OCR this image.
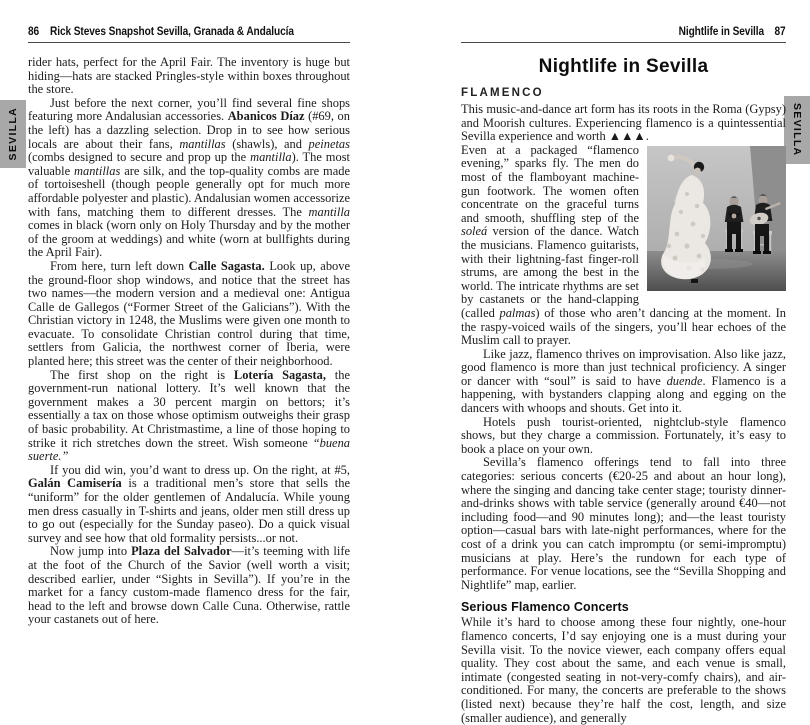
SEVILLA	SEVILLA
86 Rick Steves Snapshot Sevilla, Granada & Andalucía

rider hats, perfect for the April Fair. The inventory is huge but hiding—hats are stacked Pringles-style within boxes throughout the store.

Just before the next corner, you’ll find several fine shops featuring more Andalusian accessories. Abanicos Díaz (#69, on the left) has a dazzling selection. Drop in to see how serious locals are about their fans, mantillas (shawls), and peinetas (combs designed to secure and prop up the mantilla). The most valuable mantillas are silk, and the top-quality combs are made of tortoiseshell (though people generally opt for much more affordable polyester and plastic). Andalusian women accessorize with fans, matching them to different dresses. The mantilla comes in black (worn only on Holy Thursday and by the mother of the groom at weddings) and white (worn at bullfights during the April Fair).

From here, turn left down Calle Sagasta. Look up, above the ground-floor shop windows, and notice that the street has two names—the modern version and a medieval one: Antigua Calle de Gallegos (“Former Street of the Galicians”). With the Christian victory in 1248, the Muslims were given one month to evacuate. To consolidate Christian control during that time, settlers from Galicia, the northwest corner of Iberia, were planted here; this street was the center of their neighborhood.

The first shop on the right is Lotería Sagasta, the government-run national lottery. It’s well known that the government makes a 30 percent margin on bettors; it’s essentially a tax on those whose optimism outweighs their grasp of basic probability. At Christmastime, a line of those hoping to strike it rich stretches down the street. Wish someone “buena suerte.”

If you did win, you’d want to dress up. On the right, at #5, Galán Camisería is a traditional men’s store that sells the “uniform” for the older gentlemen of Andalucía. While young men dress casually in T-shirts and jeans, older men still dress up to go out (especially for the Sunday paseo). Do a quick visual survey and see how that old formality persists...or not.

Now jump into Plaza del Salvador—it’s teeming with life at the foot of the Church of the Savior (well worth a visit; described earlier, under “Sights in Sevilla”). If you’re in the market for a fancy custom-made flamenco dress for the fair, head to the left and browse down Calle Cuna. Otherwise, rattle your castanets out of here.

Nightlife in Sevilla 87
Nightlife in Sevilla
FLAMENCO

This music-and-dance art form has its roots in the Roma (Gypsy) and Moorish cultures. Experiencing flamenco is a quintessential Sevilla experience and worth ▲▲▲.

Even at a packaged “flamenco evening,” sparks fly. The men do most of the flamboyant machine-gun footwork. The women often concentrate on the graceful turns and smooth, shuffling step of the soleá version of the dance. Watch the musicians. Flamenco guitarists, with their lightning-fast finger-roll strums, are among the best in the world. The intricate rhythms are set by castanets or the hand-clapping (called palmas) of those who aren’t dancing at the moment. In the raspy-voiced wails of the singers, you’ll hear echoes of the Muslim call to prayer.

Like jazz, flamenco thrives on improvisation. Also like jazz, good flamenco is more than just technical proficiency. A singer or dancer with “soul” is said to have duende. Flamenco is a happening, with bystanders clapping along and egging on the dancers with whoops and shouts. Get into it.

Hotels push tourist-oriented, nightclub-style flamenco shows, but they charge a commission. Fortunately, it’s easy to book a place on your own.

Sevilla’s flamenco offerings tend to fall into three categories: serious concerts (€20-25 and about an hour long), where the singing and dancing take center stage; touristy dinner-and-drinks shows with table service (generally around €40—not including food—and 90 minutes long); and—the least touristy option—casual bars with late-night performances, where for the cost of a drink you can catch impromptu (or semi-impromptu) musicians at play. Here’s the rundown for each type of performance. For venue locations, see the “Sevilla Shopping and Nightlife” map, earlier.

Serious Flamenco Concerts

While it’s hard to choose among these four nightly, one-hour flamenco concerts, I’d say enjoying one is a must during your Sevilla visit. To the novice viewer, each company offers equal quality. They cost about the same, and each venue is small, intimate (congested seating in not-very-comfy chairs), and air-conditioned. For many, the concerts are preferable to the shows (listed next) because they’re half the cost, length, and size (smaller audience), and generally
